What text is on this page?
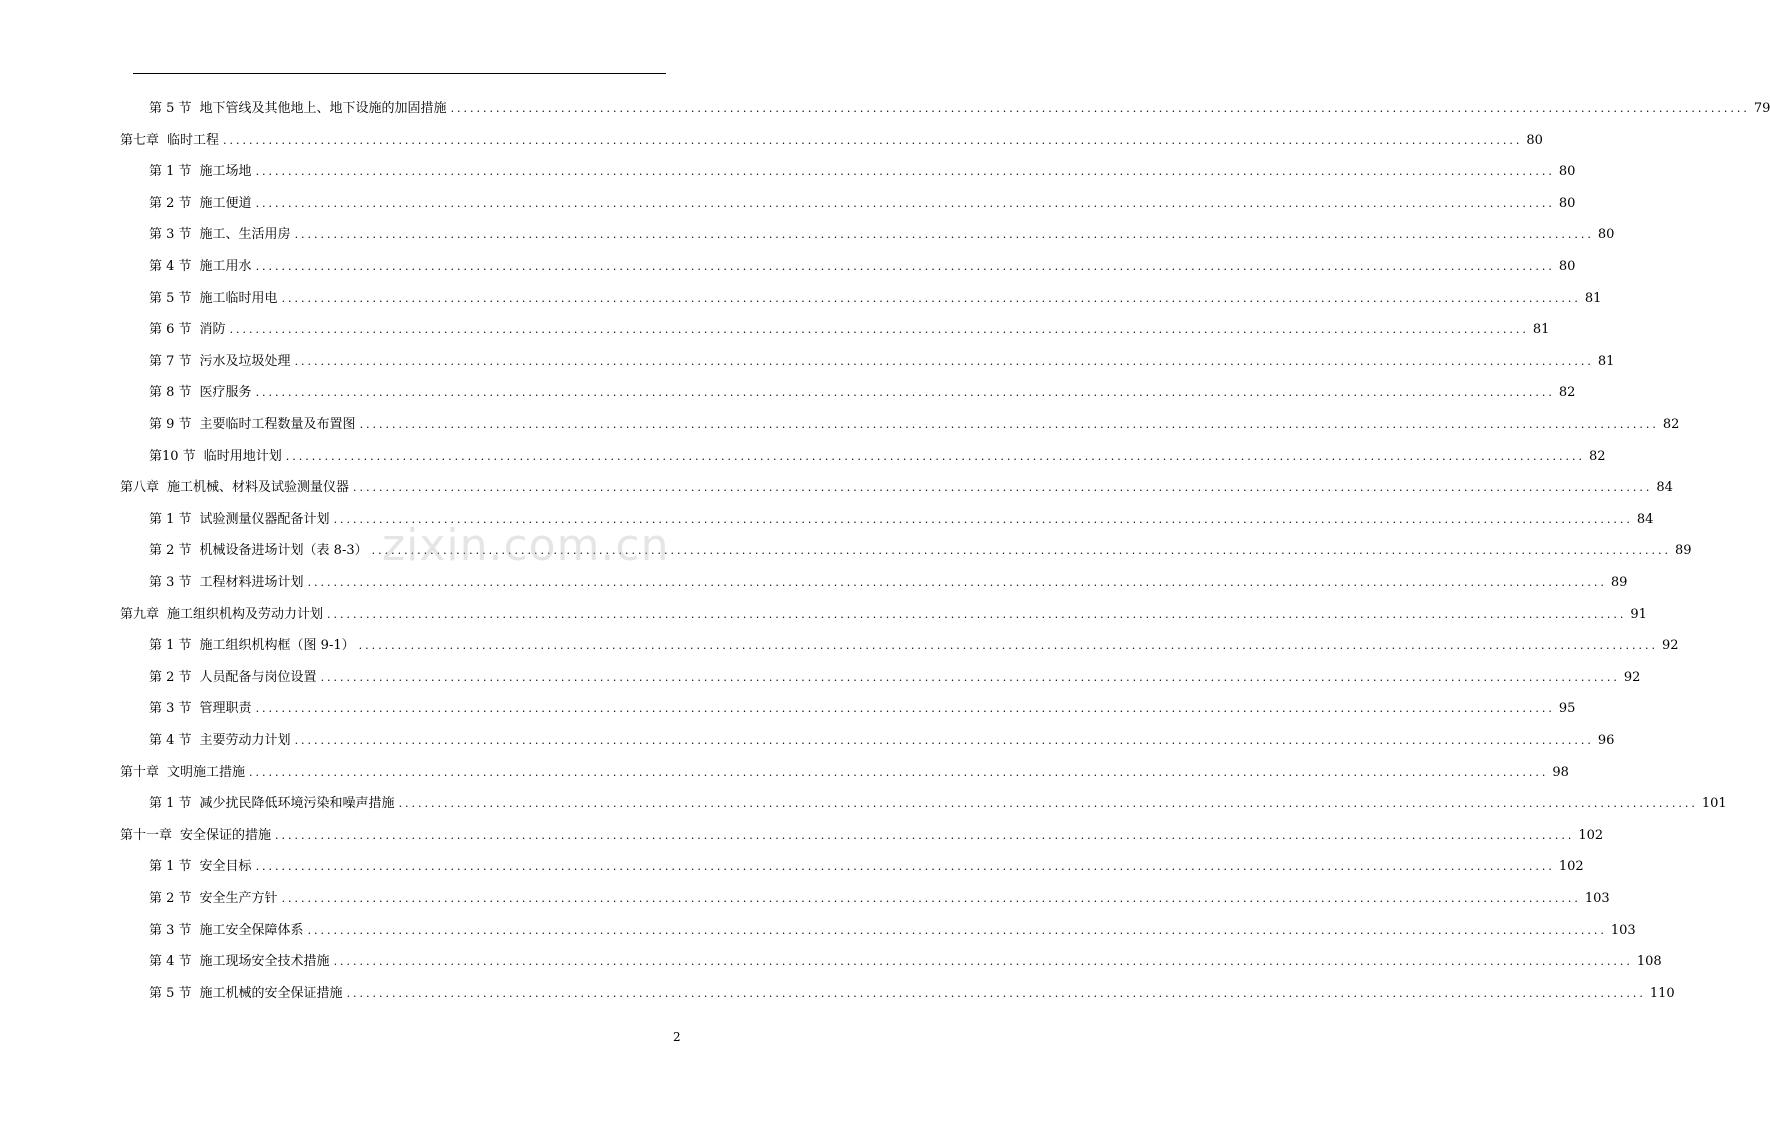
第 5 节 地下管线及其他地上、地下设施的加固措施 ........................................................................................................................................................................................................ 79
第七章 临时工程 ........................................................................................................................................................................................................ 80
第 1 节 施工场地 ........................................................................................................................................................................................................ 80
第 2 节 施工便道 ........................................................................................................................................................................................................ 80
第 3 节 施工、生活用房 ........................................................................................................................................................................................................ 80
第 4 节 施工用水 ........................................................................................................................................................................................................ 80
第 5 节 施工临时用电 ........................................................................................................................................................................................................ 81
第 6 节 消防 ........................................................................................................................................................................................................ 81
第 7 节 污水及垃圾处理 ........................................................................................................................................................................................................ 81
第 8 节 医疗服务 ........................................................................................................................................................................................................ 82
第 9 节 主要临时工程数量及布置图 ........................................................................................................................................................................................................ 82
第10 节 临时用地计划 ........................................................................................................................................................................................................ 82
第八章 施工机械、材料及试验测量仪器 ........................................................................................................................................................................................................ 84
第 1 节 试验测量仪器配备计划 ........................................................................................................................................................................................................ 84
第 2 节 机械设备进场计划（表 8-3） ........................................................................................................................................................................................................ 89
第 3 节 工程材料进场计划 ........................................................................................................................................................................................................ 89
第九章 施工组织机构及劳动力计划 ........................................................................................................................................................................................................ 91
第 1 节 施工组织机构框（图 9-1） ........................................................................................................................................................................................................ 92
第 2 节 人员配备与岗位设置 ........................................................................................................................................................................................................ 92
第 3 节 管理职责 ........................................................................................................................................................................................................ 95
第 4 节 主要劳动力计划 ........................................................................................................................................................................................................ 96
第十章 文明施工措施 ........................................................................................................................................................................................................ 98
第 1 节 减少扰民降低环境污染和噪声措施 ........................................................................................................................................................................................................ 101
第十一章 安全保证的措施 ........................................................................................................................................................................................................ 102
第 1 节 安全目标 ........................................................................................................................................................................................................ 102
第 2 节 安全生产方针 ........................................................................................................................................................................................................ 103
第 3 节 施工安全保障体系 ........................................................................................................................................................................................................ 103
第 4 节 施工现场安全技术措施 ........................................................................................................................................................................................................ 108
第 5 节 施工机械的安全保证措施 ........................................................................................................................................................................................................ 110
zixin.com.cn
2
